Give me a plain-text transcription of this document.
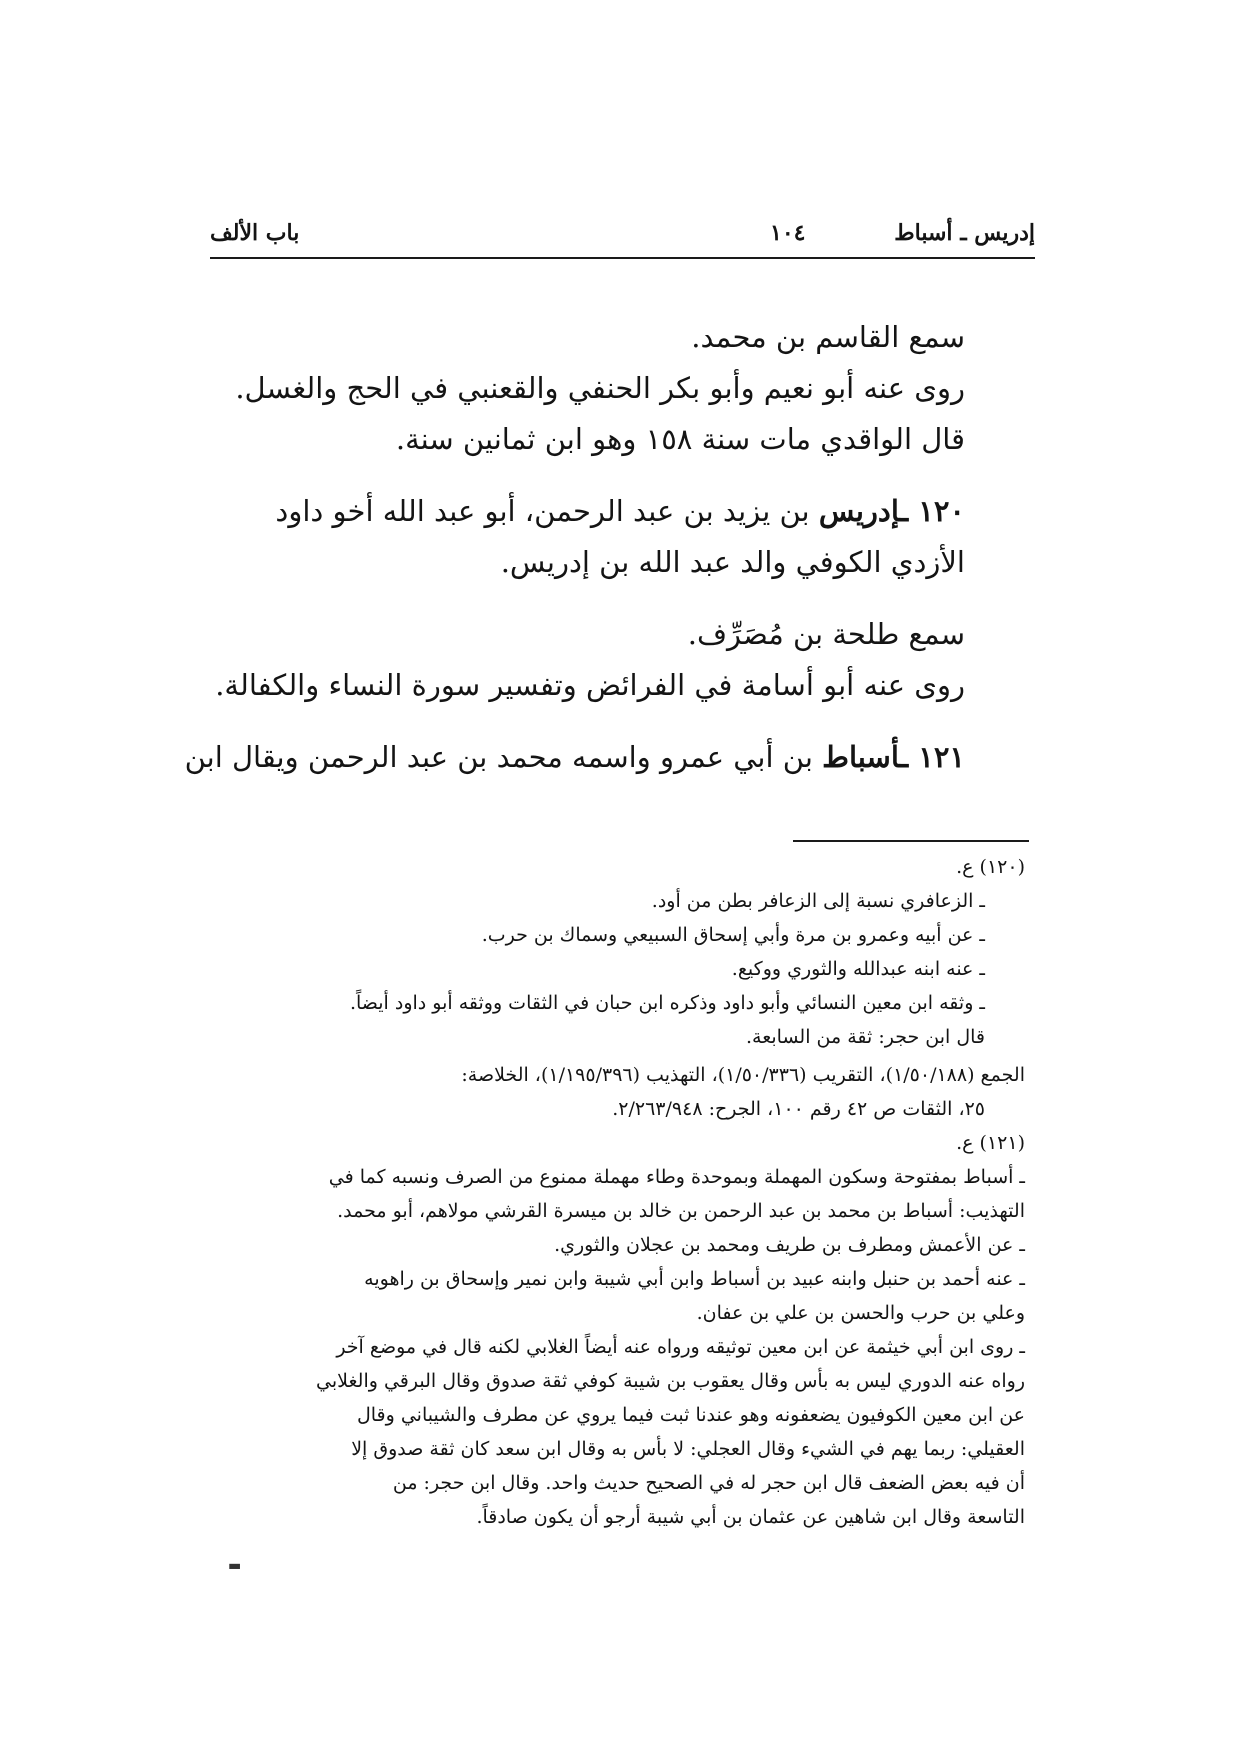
إدريس ـ أسباط
١٠٤
باب الألف

سمع القاسم بن محمد.

روى عنه أبو نعيم وأبو بكر الحنفي والقعنبي في الحج والغسل.

قال الواقدي مات سنة ١٥٨ وهو ابن ثمانين سنة.

١٢٠ ـإدريس بن يزيد بن عبد الرحمن، أبو عبد الله أخو داود

الأزدي الكوفي والد عبد الله بن إدريس.

سمع طلحة بن مُصَرِّف.

روى عنه أبو أسامة في الفرائض وتفسير سورة النساء والكفالة.

١٢١ ـأسباط بن أبي عمرو واسمه محمد بن عبد الرحمن ويقال ابن

(١٢٠) ع.

ـ الزعافري نسبة إلى الزعافر بطن من أود.

ـ عن أبيه وعمرو بن مرة وأبي إسحاق السبيعي وسماك بن حرب.

ـ عنه ابنه عبدالله والثوري ووكيع.

ـ وثقه ابن معين النسائي وأبو داود وذكره ابن حبان في الثقات ووثقه أبو داود أيضاً.

قال ابن حجر: ثقة من السابعة.

الجمع (١/٥٠/١٨٨)، التقريب (١/٥٠/٣٣٦)، التهذيب (١/١٩٥/٣٩٦)، الخلاصة:

٢٥، الثقات ص ٤٢ رقم ١٠٠، الجرح: ٢/٢٦٣/٩٤٨.

(١٢١) ع.

ـ أسباط بمفتوحة وسكون المهملة وبموحدة وطاء مهملة ممنوع من الصرف ونسبه كما في

التهذيب: أسباط بن محمد بن عبد الرحمن بن خالد بن ميسرة القرشي مولاهم، أبو محمد.

ـ عن الأعمش ومطرف بن طريف ومحمد بن عجلان والثوري.

ـ عنه أحمد بن حنبل وابنه عبيد بن أسباط وابن أبي شيبة وابن نمير وإسحاق بن راهويه

وعلي بن حرب والحسن بن علي بن عفان.

ـ روى ابن أبي خيثمة عن ابن معين توثيقه ورواه عنه أيضاً الغلابي لكنه قال في موضع آخر

رواه عنه الدوري ليس به بأس وقال يعقوب بن شيبة كوفي ثقة صدوق وقال البرقي والغلابي

عن ابن معين الكوفيون يضعفونه وهو عندنا ثبت فيما يروي عن مطرف والشيباني وقال

العقيلي: ربما يهم في الشيء وقال العجلي: لا بأس به وقال ابن سعد كان ثقة صدوق إلا

أن فيه بعض الضعف قال ابن حجر له في الصحيح حديث واحد. وقال ابن حجر: من

التاسعة وقال ابن شاهين عن عثمان بن أبي شيبة أرجو أن يكون صادقاً.

▬
